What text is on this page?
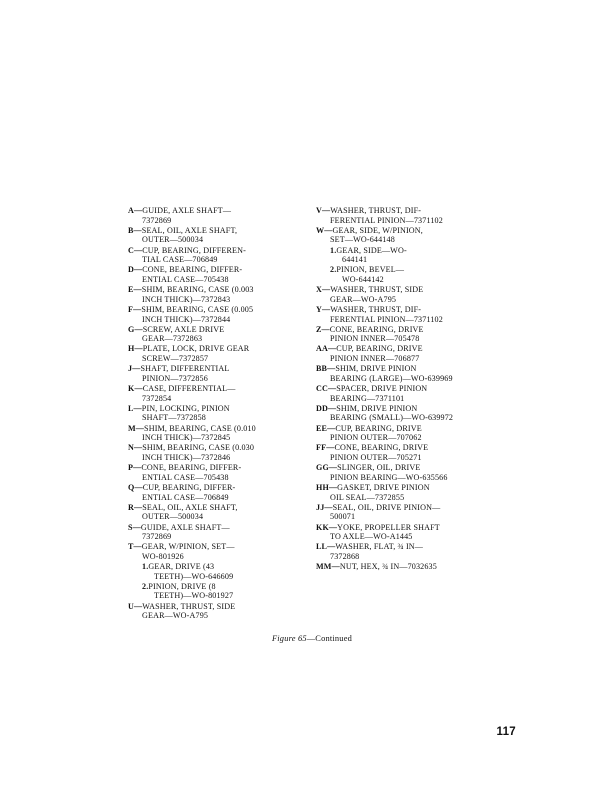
A—GUIDE, AXLE SHAFT—
7372869
B—SEAL, OIL, AXLE SHAFT,
OUTER—500034
C—CUP, BEARING, DIFFEREN-
TIAL CASE—706849
D—CONE, BEARING, DIFFER-
ENTIAL CASE—705438
E—SHIM, BEARING, CASE (0.003
INCH THICK)—7372843
F—SHIM, BEARING, CASE (0.005
INCH THICK)—7372844
G—SCREW, AXLE DRIVE
GEAR—7372863
H—PLATE, LOCK, DRIVE GEAR
SCREW—7372857
J—SHAFT, DIFFERENTIAL
PINION—7372856
K—CASE, DIFFERENTIAL—
7372854
L—PIN, LOCKING, PINION
SHAFT—7372858
M—SHIM, BEARING, CASE (0.010
INCH THICK)—7372845
N—SHIM, BEARING, CASE (0.030
INCH THICK)—7372846
P—CONE, BEARING, DIFFER-
ENTIAL CASE—705438
Q—CUP, BEARING, DIFFER-
ENTIAL CASE—706849
R—SEAL, OIL, AXLE SHAFT,
OUTER—500034
S—GUIDE, AXLE SHAFT—
7372869
T—GEAR, W/PINION, SET—
WO-801926
1.GEAR, DRIVE (43
TEETH)—WO-646609
2.PINION, DRIVE (8
TEETH)—WO-801927
U—WASHER, THRUST, SIDE
GEAR—WO-A795
V—WASHER, THRUST, DIF-
FERENTIAL PINION—7371102
W—GEAR, SIDE, W/PINION,
SET—WO-644148
1.GEAR, SIDE—WO-
644141
2.PINION, BEVEL—
WO-644142
X—WASHER, THRUST, SIDE
GEAR—WO-A795
Y—WASHER, THRUST, DIF-
FERENTIAL PINION—7371102
Z—CONE, BEARING, DRIVE
PINION INNER—705478
AA—CUP, BEARING, DRIVE
PINION INNER—706877
BB—SHIM, DRIVE PINION
BEARING (LARGE)—WO-639969
CC—SPACER, DRIVE PINION
BEARING—7371101
DD—SHIM, DRIVE PINION
BEARING (SMALL)—WO-639972
EE—CUP, BEARING, DRIVE
PINION OUTER—707062
FF—CONE, BEARING, DRIVE
PINION OUTER—705271
GG—SLINGER, OIL, DRIVE
PINION BEARING—WO-635566
HH—GASKET, DRIVE PINION
OIL SEAL—7372855
JJ—SEAL, OIL, DRIVE PINION—
500071
KK—YOKE, PROPELLER SHAFT
TO AXLE—WO-A1445
LL—WASHER, FLAT, ¾ IN—
7372868
MM—NUT, HEX, ¾ IN—7032635
Figure 65—Continued
117
